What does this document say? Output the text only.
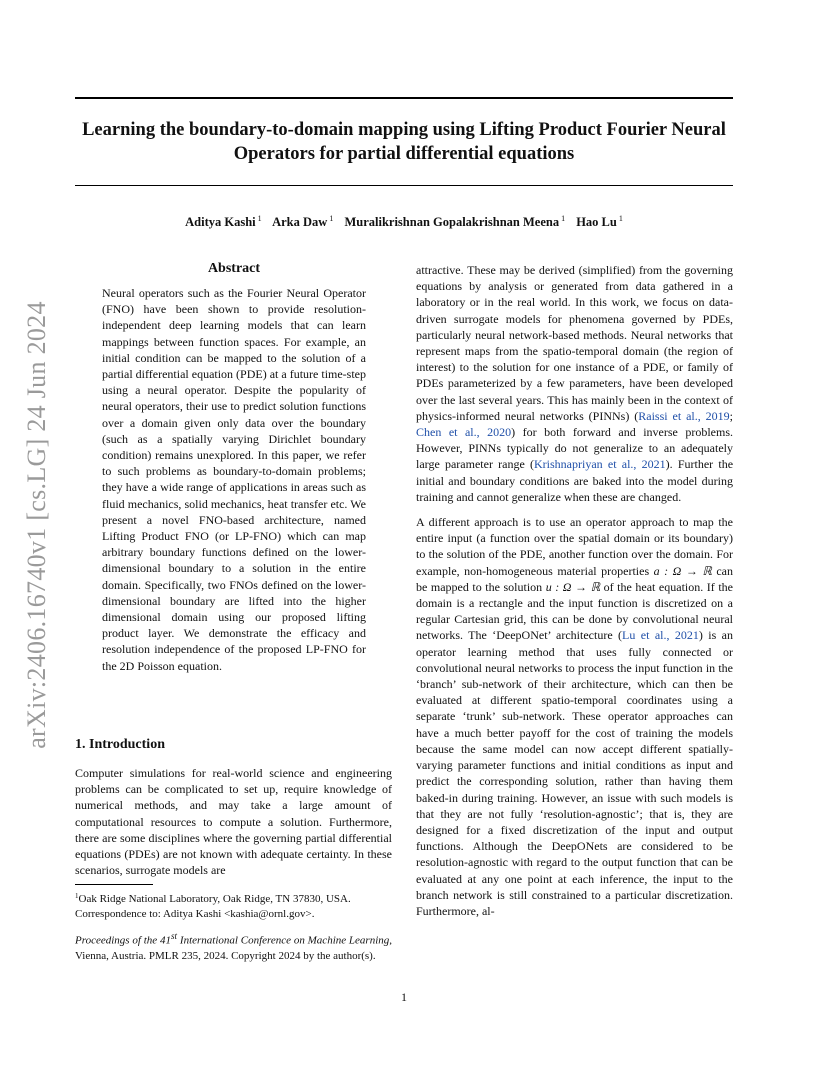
Learning the boundary-to-domain mapping using Lifting Product Fourier Neural Operators for partial differential equations
Aditya Kashi $^1$ Arka Daw $^1$ Muralikrishnan Gopalakrishnan Meena $^1$ Hao Lu $^1$
arXiv:2406.16740v1 [cs.LG] 24 Jun 2024
Abstract
Neural operators such as the Fourier Neural Operator (FNO) have been shown to provide resolution-independent deep learning models that can learn mappings between function spaces. For example, an initial condition can be mapped to the solution of a partial differential equation (PDE) at a future time-step using a neural operator. Despite the popularity of neural operators, their use to predict solution functions over a domain given only data over the boundary (such as a spatially varying Dirichlet boundary condition) remains unexplored. In this paper, we refer to such problems as boundary-to-domain problems; they have a wide range of applications in areas such as fluid mechanics, solid mechanics, heat transfer etc. We present a novel FNO-based architecture, named Lifting Product FNO (or LP-FNO) which can map arbitrary boundary functions defined on the lower-dimensional boundary to a solution in the entire domain. Specifically, two FNOs defined on the lower-dimensional boundary are lifted into the higher dimensional domain using our proposed lifting product layer. We demonstrate the efficacy and resolution independence of the proposed LP-FNO for the 2D Poisson equation.
1. Introduction
Computer simulations for real-world science and engineering problems can be complicated to set up, require knowledge of numerical methods, and may take a large amount of computational resources to compute a solution. Furthermore, there are some disciplines where the governing partial differential equations (PDEs) are not known with adequate certainty. In these scenarios, surrogate models are
$^1$Oak Ridge National Laboratory, Oak Ridge, TN 37830, USA. Correspondence to: Aditya Kashi <kashia@ornl.gov>.
Proceedings of the 41st International Conference on Machine Learning, Vienna, Austria. PMLR 235, 2024. Copyright 2024 by the author(s).

attractive. These may be derived (simplified) from the governing equations by analysis or generated from data gathered in a laboratory or in the real world. In this work, we focus on data-driven surrogate models for phenomena governed by PDEs, particularly neural network-based methods. Neural networks that represent maps from the spatio-temporal domain (the region of interest) to the solution for one instance of a PDE, or family of PDEs parameterized by a few parameters, have been developed over the last several years. This has mainly been in the context of physics-informed neural networks (PINNs) (Raissi et al., 2019; Chen et al., 2020) for both forward and inverse problems. However, PINNs typically do not generalize to an adequately large parameter range (Krishnapriyan et al., 2021). Further the initial and boundary conditions are baked into the model during training and cannot generalize when these are changed.

A different approach is to use an operator approach to map the entire input (a function over the spatial domain or its boundary) to the solution of the PDE, another function over the domain. For example, non-homogeneous material properties a : Ω → ℝ can be mapped to the solution u : Ω → ℝ of the heat equation. If the domain is a rectangle and the input function is discretized on a regular Cartesian grid, this can be done by convolutional neural networks. The ‘DeepONet’ architecture (Lu et al., 2021) is an operator learning method that uses fully connected or convolutional neural networks to process the input function in the ‘branch’ sub-network of their architecture, which can then be evaluated at different spatio-temporal coordinates using a separate ‘trunk’ sub-network. These operator approaches can have a much better payoff for the cost of training the models because the same model can now accept different spatially-varying parameter functions and initial conditions as input and predict the corresponding solution, rather than having them baked-in during training. However, an issue with such models is that they are not fully ‘resolution-agnostic’; that is, they are designed for a fixed discretization of the input and output functions. Although the DeepONets are considered to be resolution-agnostic with regard to the output function that can be evaluated at any one point at each inference, the input to the branch network is still constrained to a particular discretization. Furthermore, al-

1
